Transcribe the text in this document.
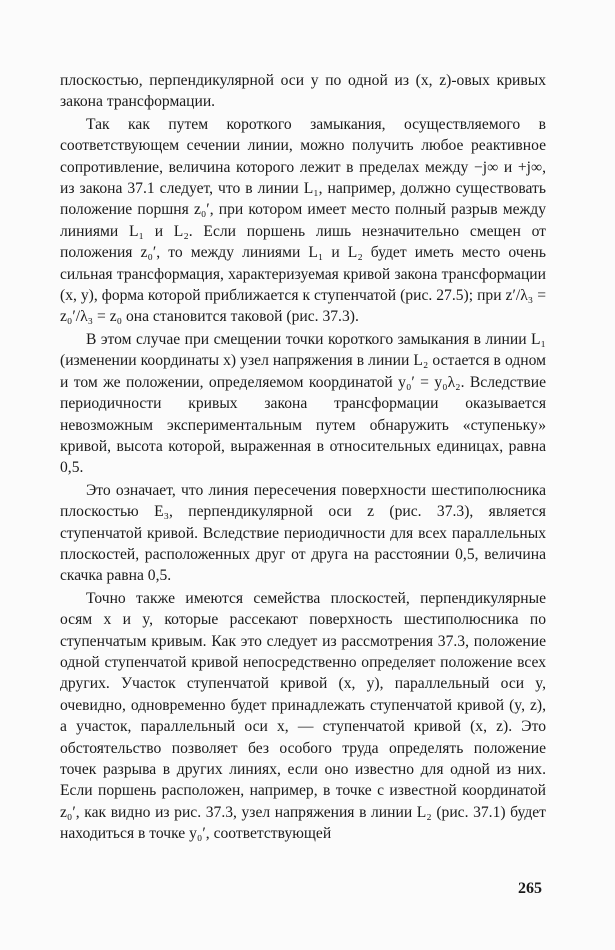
плоскостью, перпендикулярной оси y по одной из (x, z)-овых кривых закона трансформации.

Так как путем короткого замыкания, осуществляемого в соответствующем сечении линии, можно получить любое реактивное сопротивление, величина которого лежит в пределах между −j∞ и +j∞, из закона 37.1 следует, что в линии L₁, например, должно существовать положение поршня z₀′, при котором имеет место полный разрыв между линиями L₁ и L₂. Если поршень лишь незначительно смещен от положения z₀′, то между линиями L₁ и L₂ будет иметь место очень сильная трансформация, характеризуемая кривой закона трансформации (x, y), форма которой приближается к ступенчатой (рис. 27.5); при z′/λ₃ = z₀′/λ₃ = z₀ она становится таковой (рис. 37.3).

В этом случае при смещении точки короткого замыкания в линии L₁ (изменении координаты x) узел напряжения в линии L₂ остается в одном и том же положении, определяемом координатой y₀′ = y₀λ₂. Вследствие периодичности кривых закона трансформации оказывается невозможным экспериментальным путем обнаружить «ступеньку» кривой, высота которой, выраженная в относительных единицах, равна 0,5.

Это означает, что линия пересечения поверхности шестиполюсника плоскостью E₃, перпендикулярной оси z (рис. 37.3), является ступенчатой кривой. Вследствие периодичности для всех параллельных плоскостей, расположенных друг от друга на расстоянии 0,5, величина скачка равна 0,5.

Точно также имеются семейства плоскостей, перпендикулярные осям x и y, которые рассекают поверхность шестиполюсника по ступенчатым кривым. Как это следует из рассмотрения 37.3, положение одной ступенчатой кривой непосредственно определяет положение всех других. Участок ступенчатой кривой (x, y), параллельный оси y, очевидно, одновременно будет принадлежать ступенчатой кривой (y, z), а участок, параллельный оси x, — ступенчатой кривой (x, z). Это обстоятельство позволяет без особого труда определять положение точек разрыва в других линиях, если оно известно для одной из них. Если поршень расположен, например, в точке с известной координатой z₀′, как видно из рис. 37.3, узел напряжения в линии L₂ (рис. 37.1) будет находиться в точке y₀′, соответствующей

265
